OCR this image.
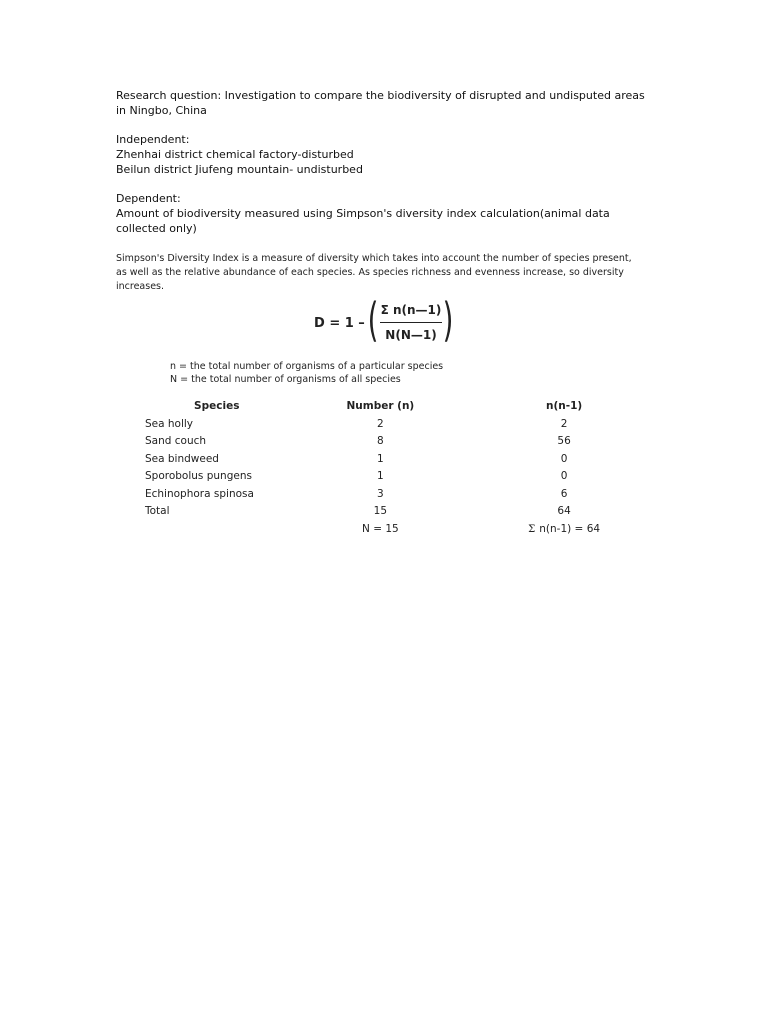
Research question: Investigation to compare the biodiversity of disrupted and undisputed areas in Ningbo, China

Independent:

Zhenhai district chemical factory-disturbed

Beilun district Jiufeng mountain- undisturbed

Dependent:

Amount of biodiversity measured using Simpson's diversity index calculation(animal data collected only)

Simpson's Diversity Index is a measure of diversity which takes into account the number of species present, as well as the relative abundance of each species. As species richness and evenness increase, so diversity increases.

D = 1 – ( Σ n(n—1)
N(N—1) )

n = the total number of organisms of a particular species

N = the total number of organisms of all species

Species	Number (n)	n(n-1)
Sea holly	2	2
Sand couch	8	56
Sea bindweed	1	0
Sporobolus pungens	1	0
Echinophora spinosa	3	6
Total	15	64
	N = 15	Σ n(n-1) = 64
